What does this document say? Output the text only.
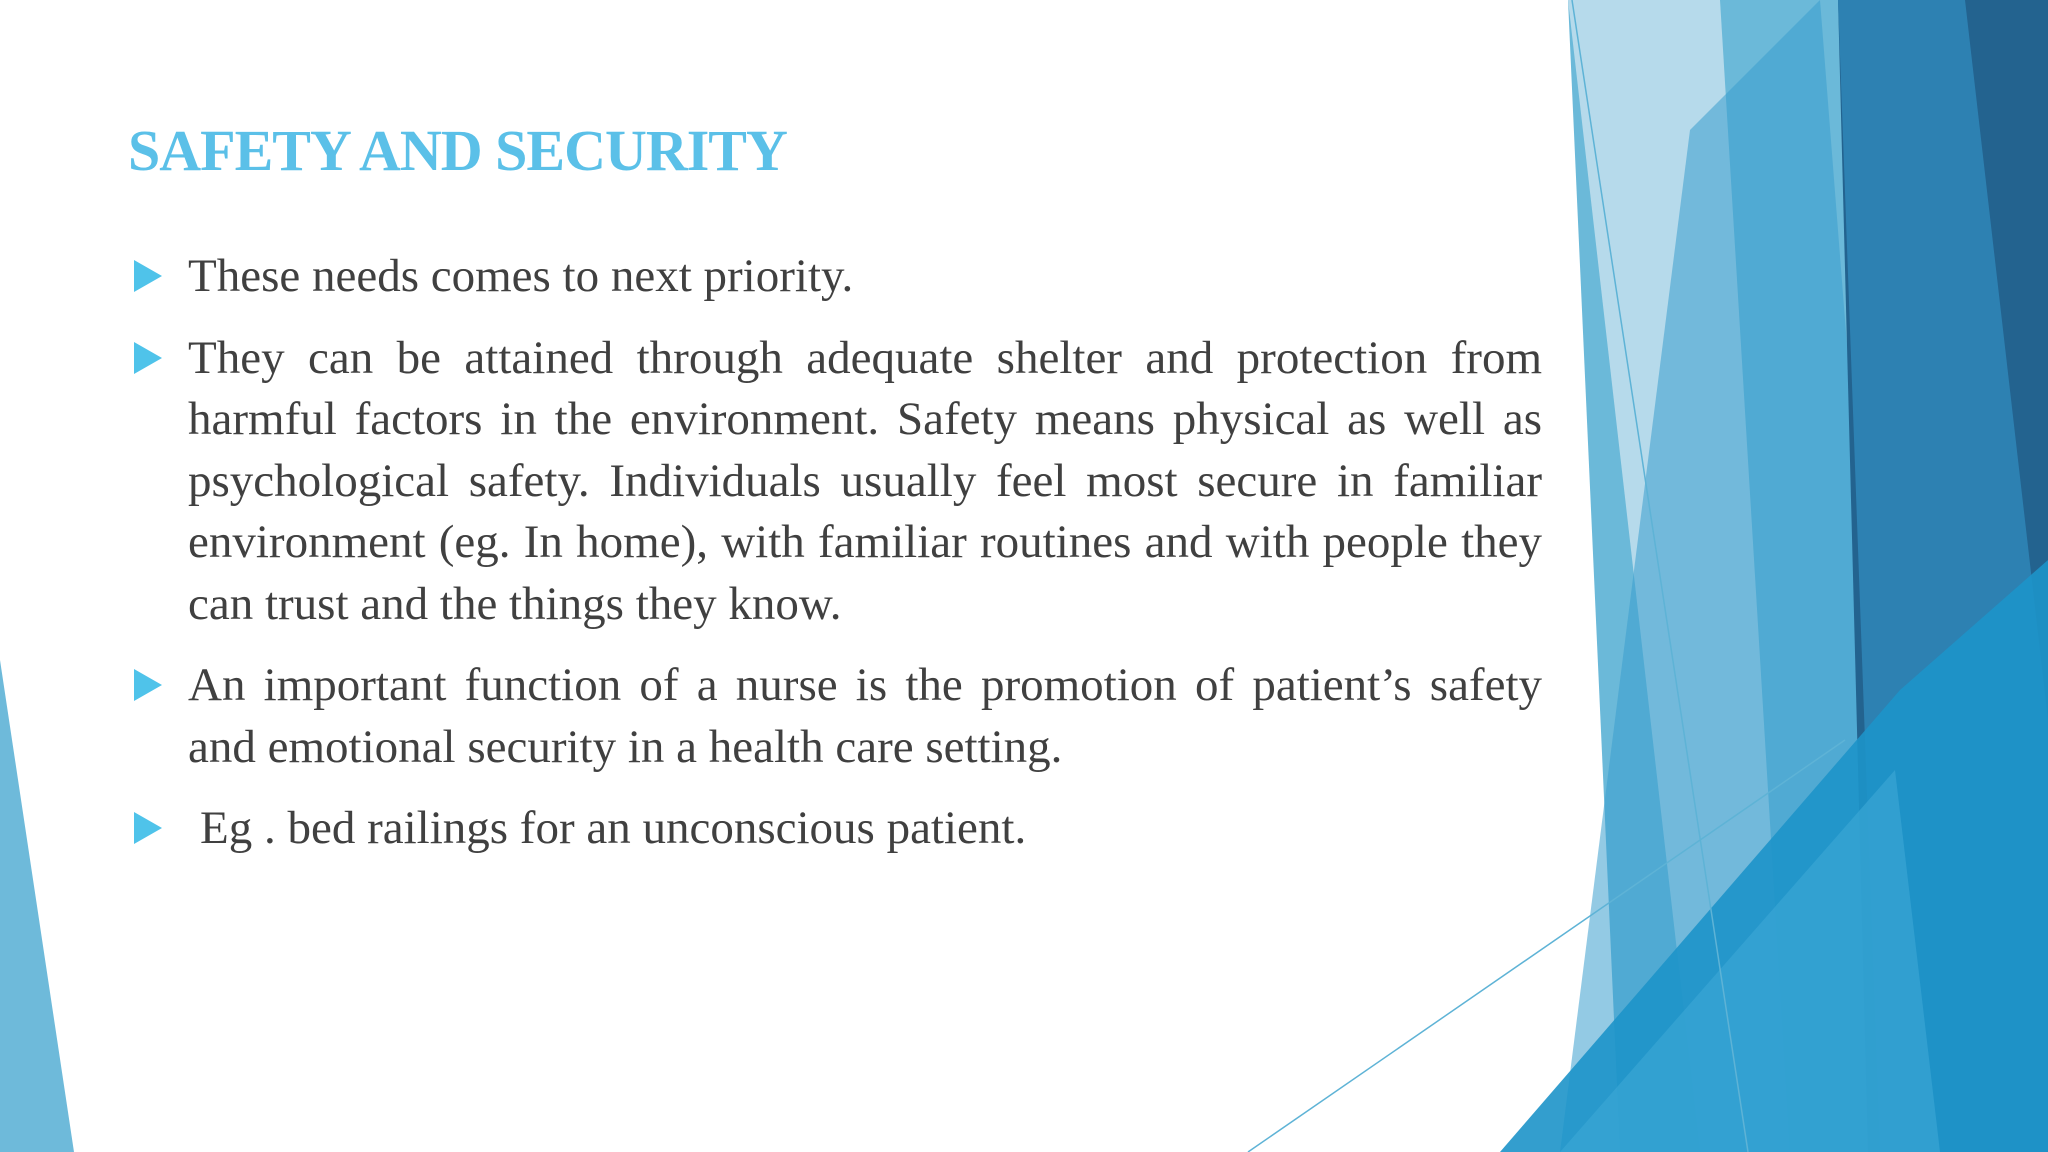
SAFETY AND SECURITY
These needs comes to next priority.
They can be attained through adequate shelter and protection from harmful factors in the environment. Safety means physical as well as psychological safety. Individuals usually feel most secure in familiar environment (eg. In home), with familiar routines and with people they can trust and the things they know.
An important function of a nurse is the promotion of patient’s safety and emotional security in a health care setting.
Eg . bed railings for an unconscious patient.
